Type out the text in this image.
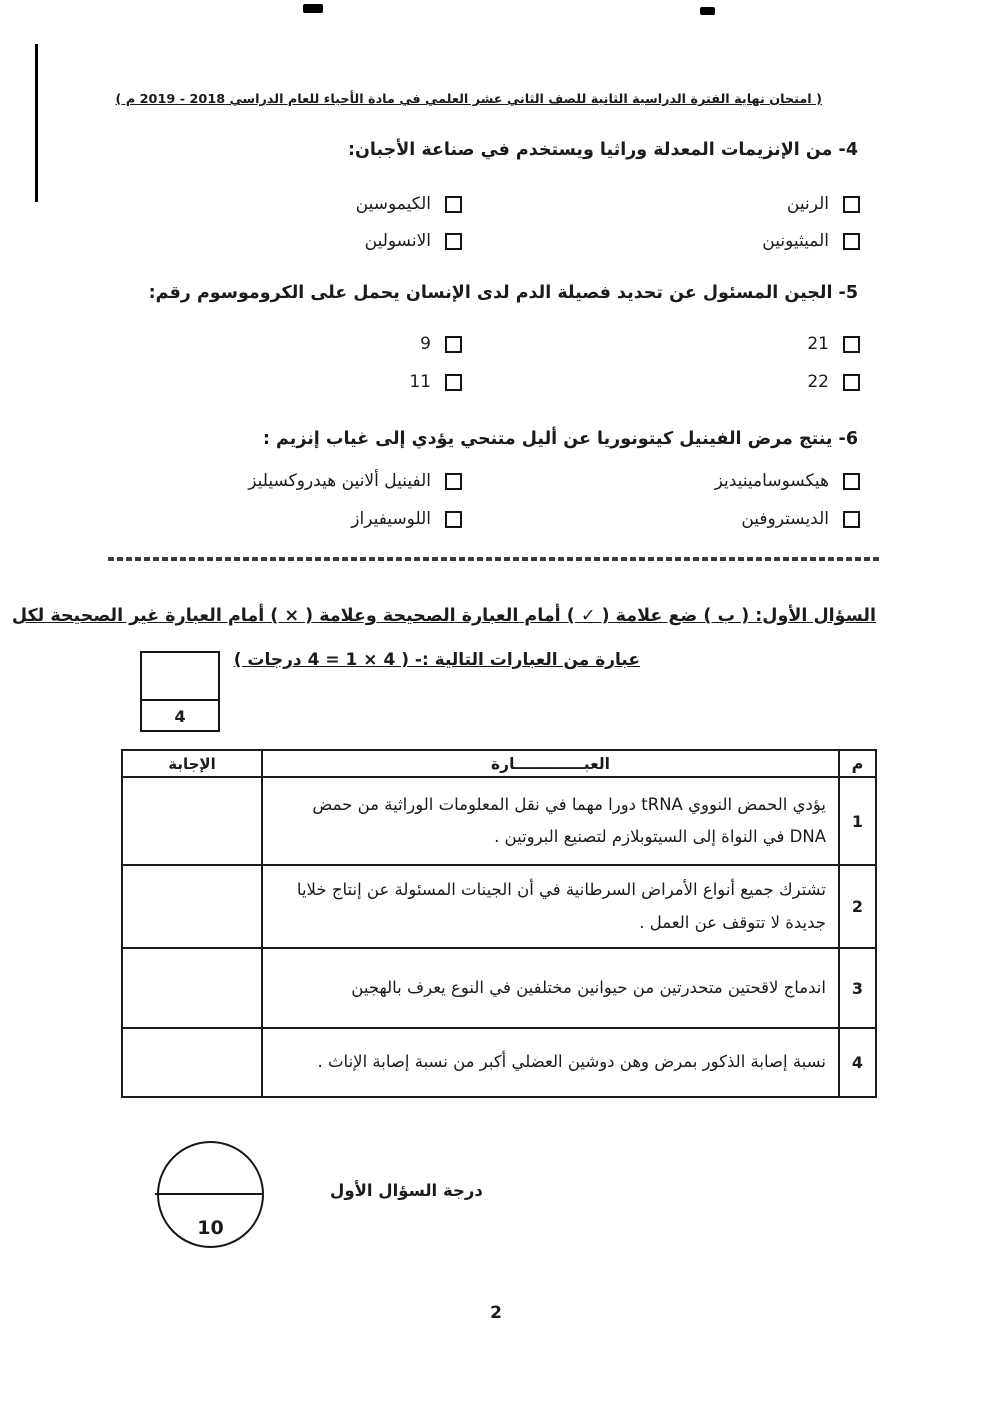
( امتحان نهاية الفترة الدراسية الثانية للصف الثاني عشر العلمي في مادة الأحياء للعام الدراسي 2018 - 2019 م )
4- من الإنزيمات المعدلة وراثيا ويستخدم في صناعة الأجبان:
الرنين
الكيموسين
الميثيونين
الانسولين
5- الجين المسئول عن تحديد فصيلة الدم لدى الإنسان يحمل على الكروموسوم رقم:
21
9
22
11
6- ينتج مرض الفينيل كيتونوريا عن أليل متنحي يؤدي إلى غياب إنزيم :
هيكسوسامينيديز
الفينيل ألانين هيدروكسيليز
الديستروفين
اللوسيفيراز
السؤال الأول: ( ب ) ضع علامة ( ✓ ) أمام العبارة الصحيحة وعلامة ( × ) أمام العبارة غير الصحيحة لكل
عبارة من العبارات التالية :- ( 4 × 1 = 4 درجات )
4
م	العبـــــــــــــارة	الإجابة
1	يؤدي الحمض النووي tRNA دورا مهما في نقل المعلومات الوراثية من حمض DNA في النواة إلى السيتوبلازم لتصنيع البروتين .	
2	تشترك جميع أنواع الأمراض السرطانية في أن الجينات المسئولة عن إنتاج خلايا جديدة لا تتوقف عن العمل .	
3	اندماج لاقحتين متحدرتين من حيوانين مختلفين في النوع يعرف بالهجين	
4	نسبة إصابة الذكور بمرض وهن دوشين العضلي أكبر من نسبة إصابة الإناث .	
10
درجة السؤال الأول
2
